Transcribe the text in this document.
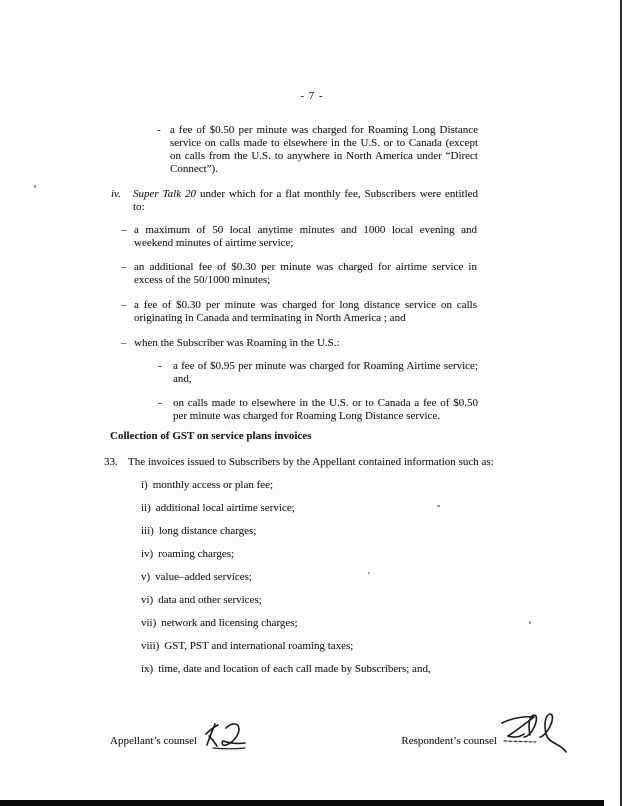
- 7 -
- a fee of $0.50 per minute was charged for Roaming Long Distance service on calls made to elsewhere in the U.S. or to Canada (except on calls from the U.S. to anywhere in North America under “Direct Connect”).
iv.	Super Talk 20 under which for a flat monthly fee, Subscribers were entitled to:
– a maximum of 50 local anytime minutes and 1000 local evening and weekend minutes of airtime service;
– an additional fee of $0.30 per minute was charged for airtime service in excess of the 50/1000 minutes;
– a fee of $0.30 per minute was charged for long distance service on calls originating in Canada and terminating in North America ; and
– when the Subscriber was Roaming in the U.S.:
-	a fee of $0.95 per minute was charged for Roaming Airtime service; and,
-	on calls made to elsewhere in the U.S. or to Canada a fee of $0.50 per minute was charged for Roaming Long Distance service.
Collection of GST on service plans invoices
33. The invoices issued to Subscribers by the Appellant contained information such as:
i) monthly access or plan fee;
ii) additional local airtime service;
iii) long distance charges;
iv) roaming charges;
v) value–added services;
vi) data and other services;
vii) network and licensing charges;
viii) GST, PST and international roaming taxes;
ix) time, date and location of each call made by Subscribers; and,
Appellant’s counsel	Respondent’s counsel
